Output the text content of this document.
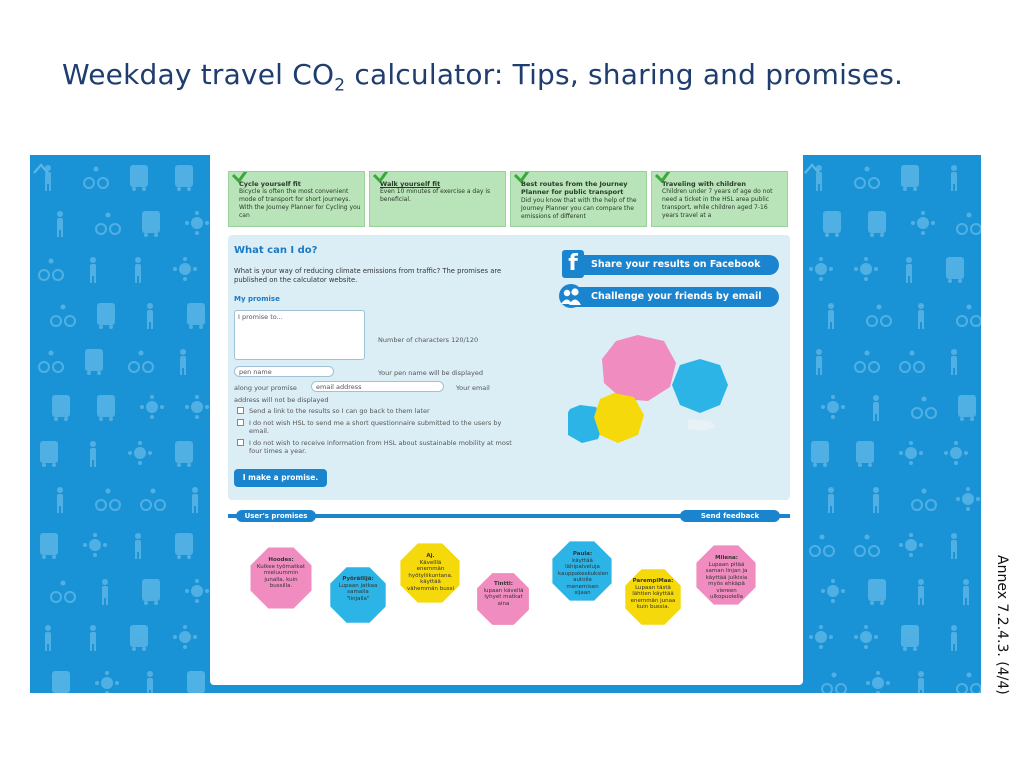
Weekday travel $CO_2$ calculator: Tips, sharing and promises.
Annex 7.2.4.3. (4/4)
Cycle yourself fit
Bicycle is often the most convenient mode of transport for short journeys. With the Journey Planner for Cycling you can
Walk yourself fit
Even 10 minutes of exercise a day is beneficial.
Best routes from the Journey Planner for public transport
Did you know that with the help of the Journey Planner you can compare the emissions of different
Traveling with children
Children under 7 years of age do not need a ticket in the HSL area public transport, while children aged 7-16 years travel at a
What can I do?
What is your way of reducing climate emissions from traffic? The promises are published on the calculator website.
My promise
I promise to...
Number of characters 120/120
pen name	Your pen name will be displayed
along your promise	email address	Your email
address will not be displayed
Send a link to the results so I can go back to them later
I do not wish HSL to send me a short questionnaire submitted to the users by email.
I do not wish to receive information from HSL about sustainable mobility at most four times a year.
I make a promise.
f	Share your results on Facebook
Challenge your friends by email
User's promises	Send feedback
Hoodes:
Kulkee työmatkat mieluummin junalla, kuin bussilla.
Pyöräilijä:
Lupaan jatkaa samalla "linjalla"
Aj.
Kävelllä enemmän hyötyliikuntana. käyttää vähemmän bussi
Tintti:
lupaan kävellä lyhyet matkat aina
Paula:
käyttää lähipalveluja kauppakeskuksien autoile menemisen sijaan
ParempiMaa:
Lupaan tästä lähtien käyttää enemmän junaa kuin bussia.
Milena:
Lupaan pitää saman linjan ja käyttää julkisia myös ehkäpä viereen ulkopuolella
